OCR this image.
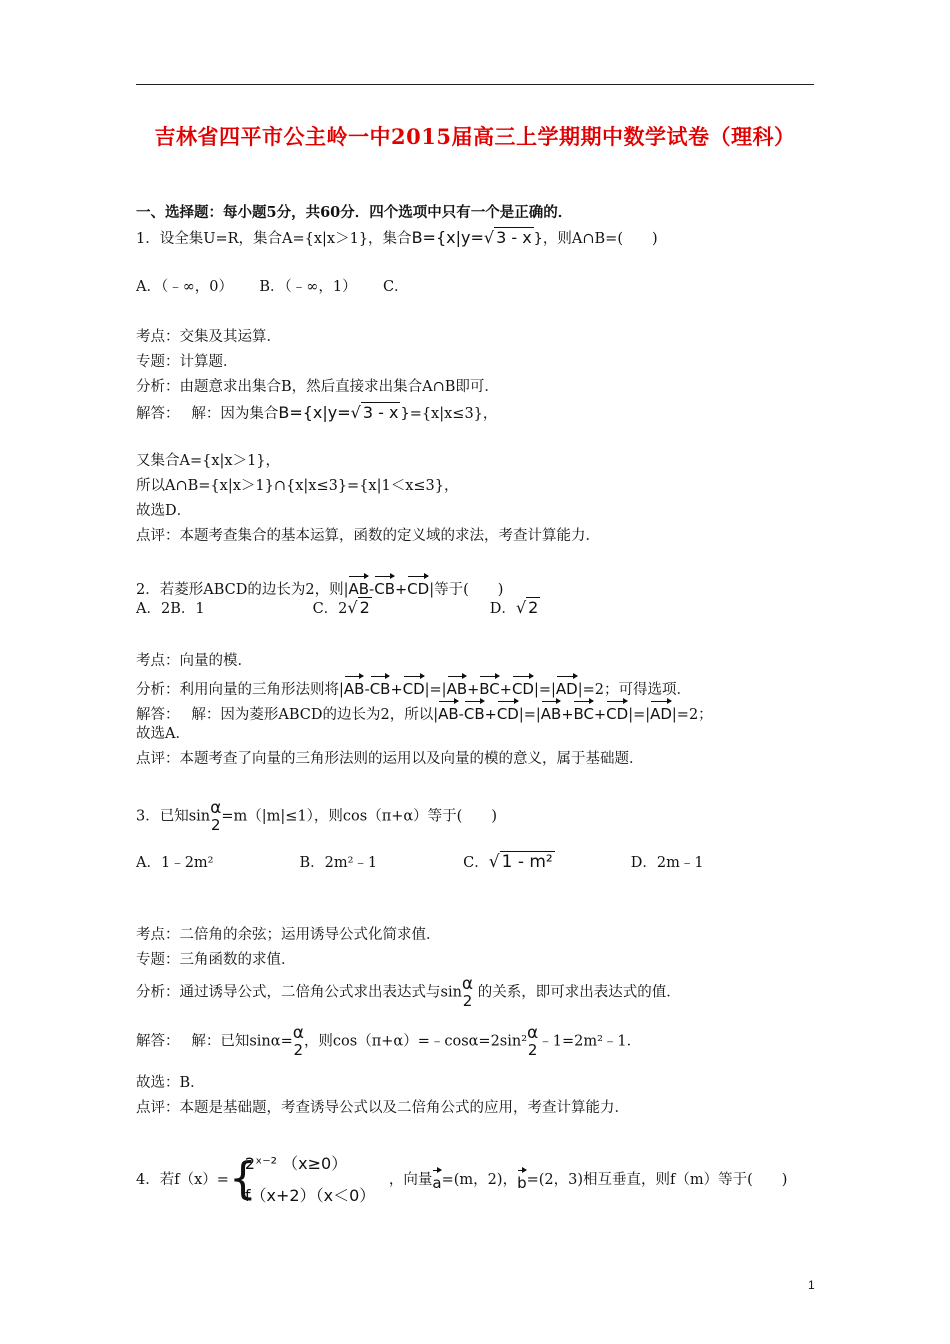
吉林省四平市公主岭一中2015届高三上学期期中数学试卷（理科）
一、选择题：每小题5分，共60分．四个选项中只有一个是正确的．
1．设全集U=R，集合A={x|x＞1}，集合B={x|y=√ 3 - x }，则A∩B=(　　)
A．（﹣∞，0）　　 B．（﹣∞，1）　　 C．
考点：交集及其运算．
专题：计算题．
分析：由题意求出集合B，然后直接求出集合A∩B即可．
解答：　 解：因为集合B={x|y=√ 3 - x }={x|x≤3}，
又集合A={x|x＞1}，
所以A∩B={x|x＞1}∩{x|x≤3}={x|1＜x≤3}，
故选D．
点评：本题考查集合的基本运算，函数的定义域的求法，考查计算能力．
2．若菱形ABCD的边长为2，则|AB-CB+CD|等于(　　)
A．2B．1	C．2√ 2	D．√ 2
考点：向量的模．
分析：利用向量的三角形法则将|AB-CB+CD|=|AB+BC+CD|=|AD|=2；可得选项．
解答：　 解：因为菱形ABCD的边长为2，所以|AB-CB+CD|=|AB+BC+CD|=|AD|=2；
故选A．
点评：本题考查了向量的三角形法则的运用以及向量的模的意义，属于基础题．
3．已知sin α
2 =m（|m|≤1），则cos（π+α）等于(　　)
A．1﹣2m²	B．2m²﹣1	C．√ 1 - m²	D．2m﹣1
考点：二倍角的余弦；运用诱导公式化简求值．
专题：三角函数的求值．
分析：通过诱导公式，二倍角公式求出表达式与sin α
2 的关系，即可求出表达式的值．
解答：　 解：已知sinα= α
2 ，则cos（π+α）=﹣cosα=2sin² α
2 ﹣1=2m²﹣1．
故选：B．
点评：本题是基础题，考查诱导公式以及二倍角公式的应用，考查计算能力．
4．若f（x）= {
2ˣ⁻² （x≥0）
f（x+2）（x＜0）
，向量a=(m，2)，b=(2，3)相互垂直，则f（m）等于(　　)
1
